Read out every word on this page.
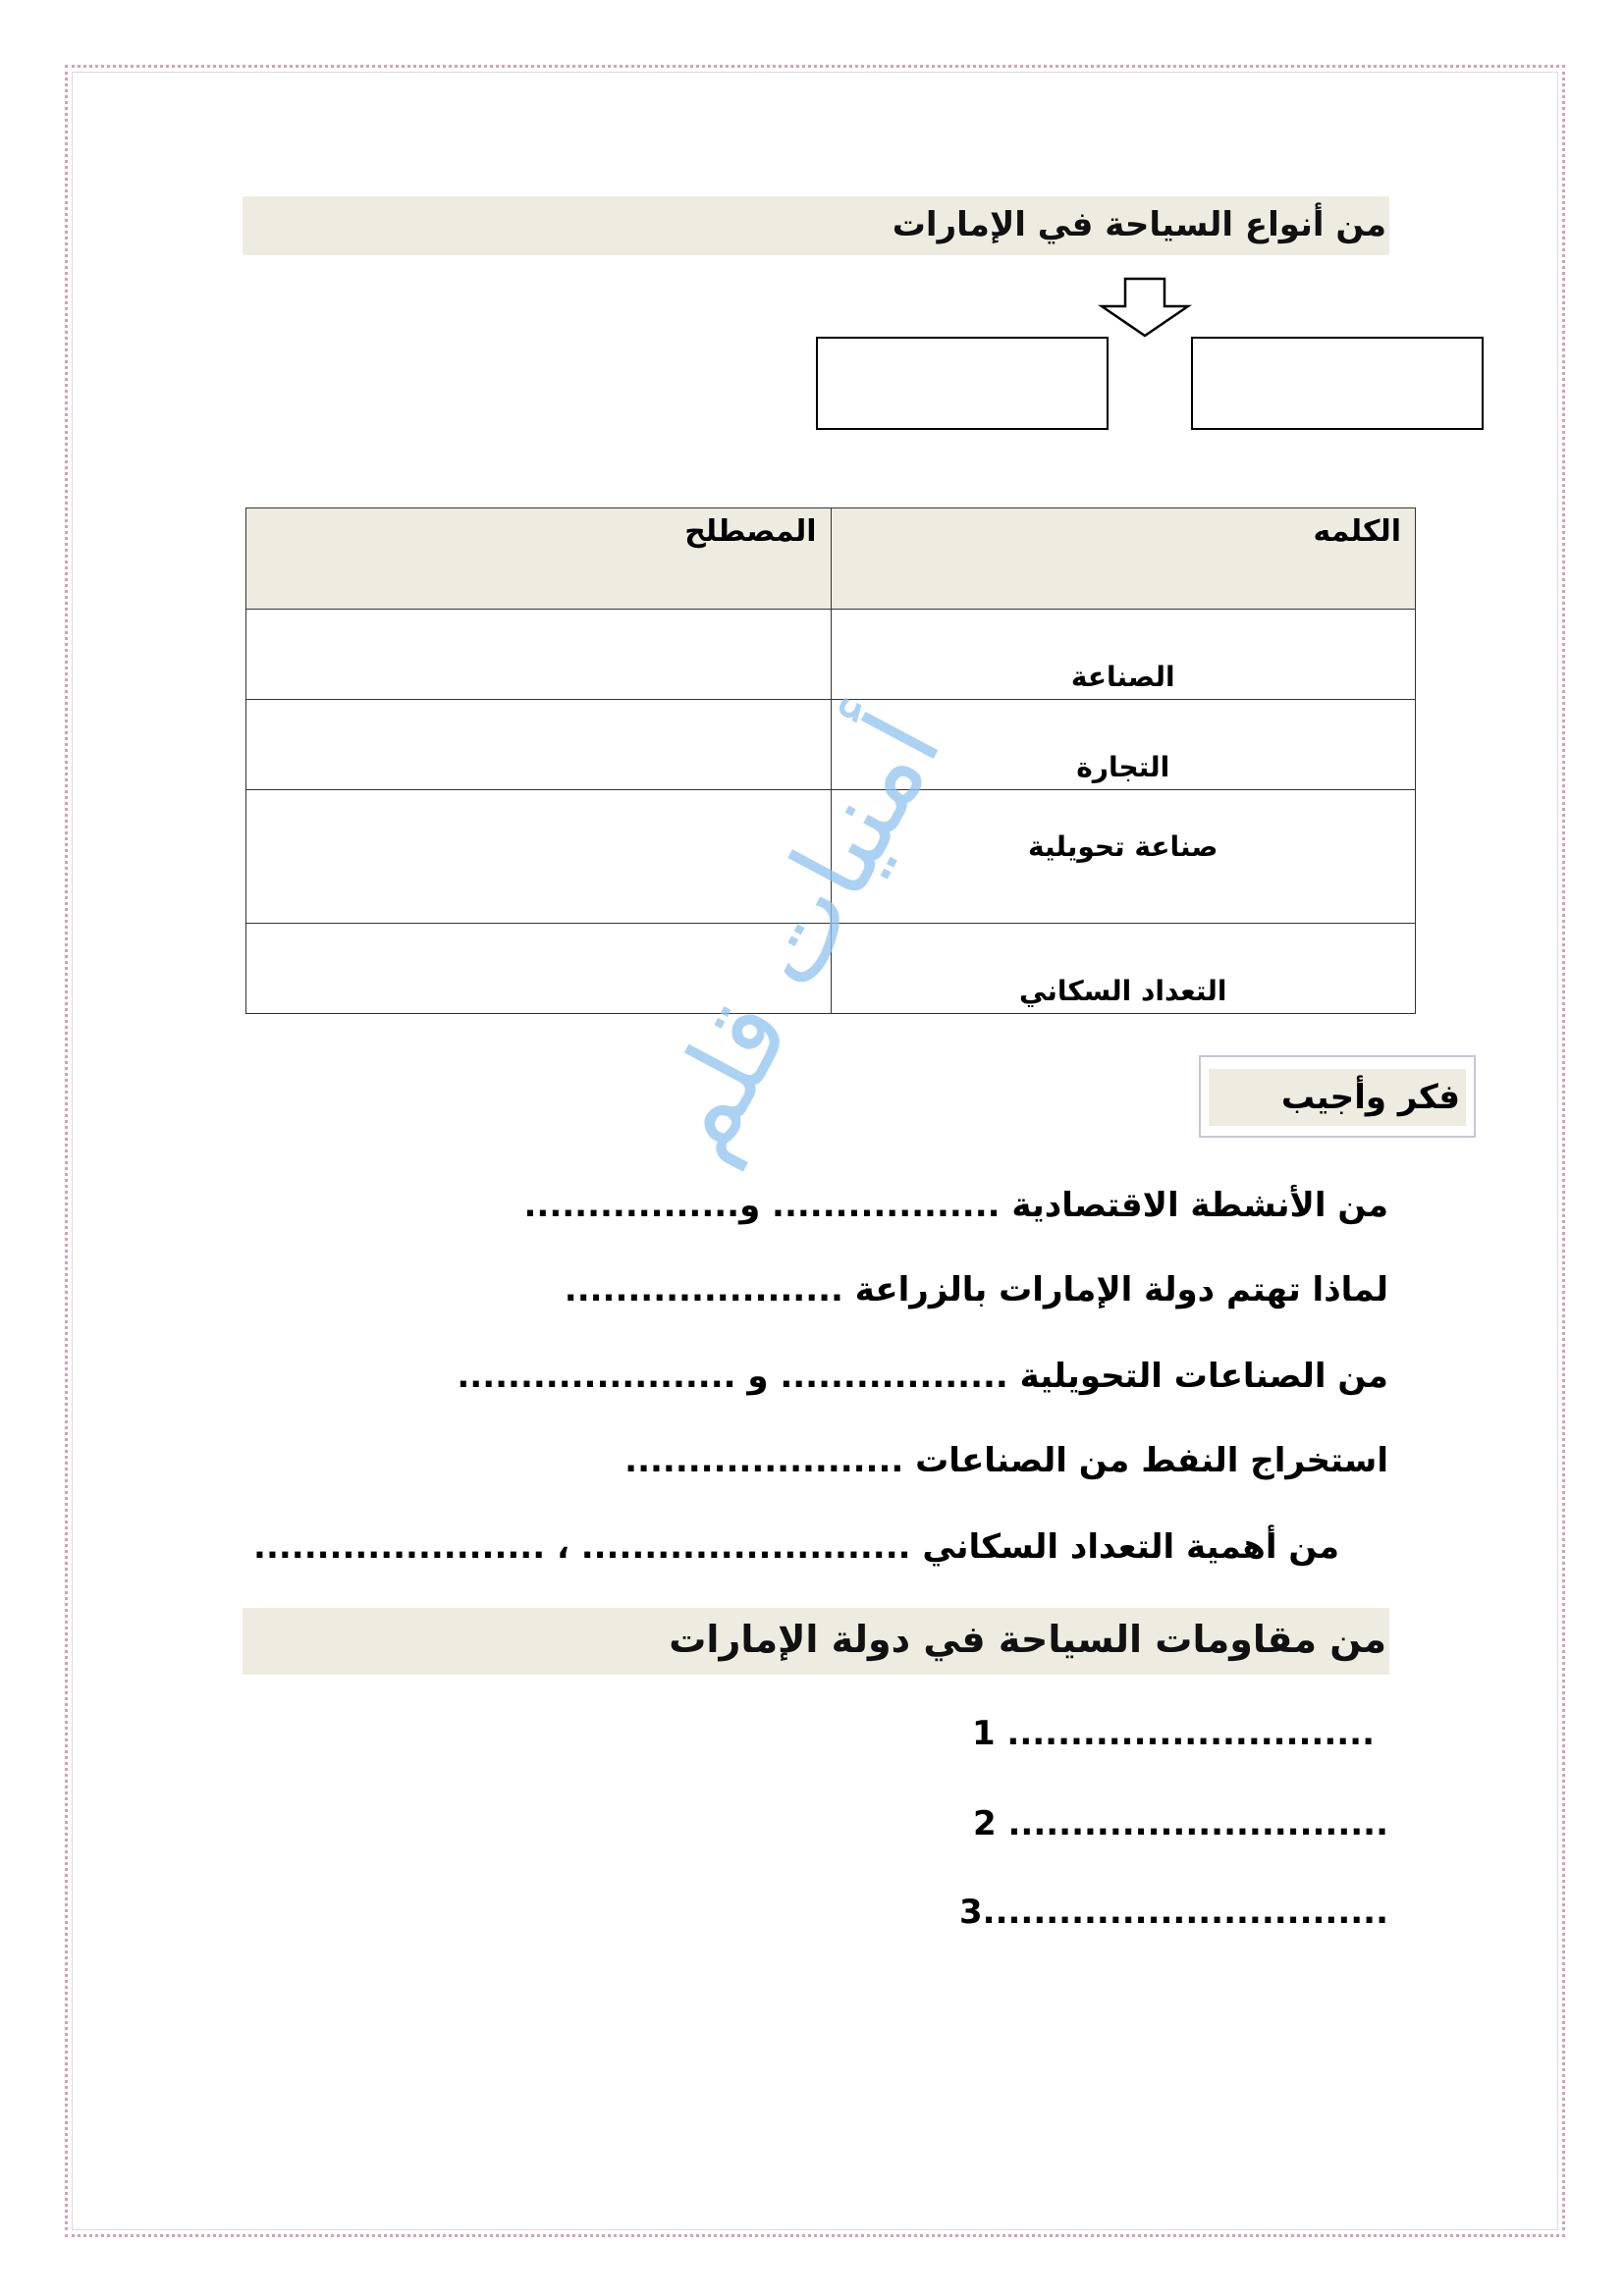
من أنواع السياحة في الإمارات
الكلمه	المصطلح

الصناعة	

التجارة	

صناعة تحويلية	

التعداد السكاني	

فكر وأجيب
من الأنشطة الاقتصادية .................. و.................
لماذا تهتم دولة الإمارات بالزراعة ......................
من الصناعات التحويلية .................. و ......................
استخراج النفط من الصناعات ......................
من أهمية التعداد السكاني .......................... ، .......................
من مقاومات السياحة في دولة الإمارات
1 .............................
2 ..............................
3................................
أمنيات قلم
